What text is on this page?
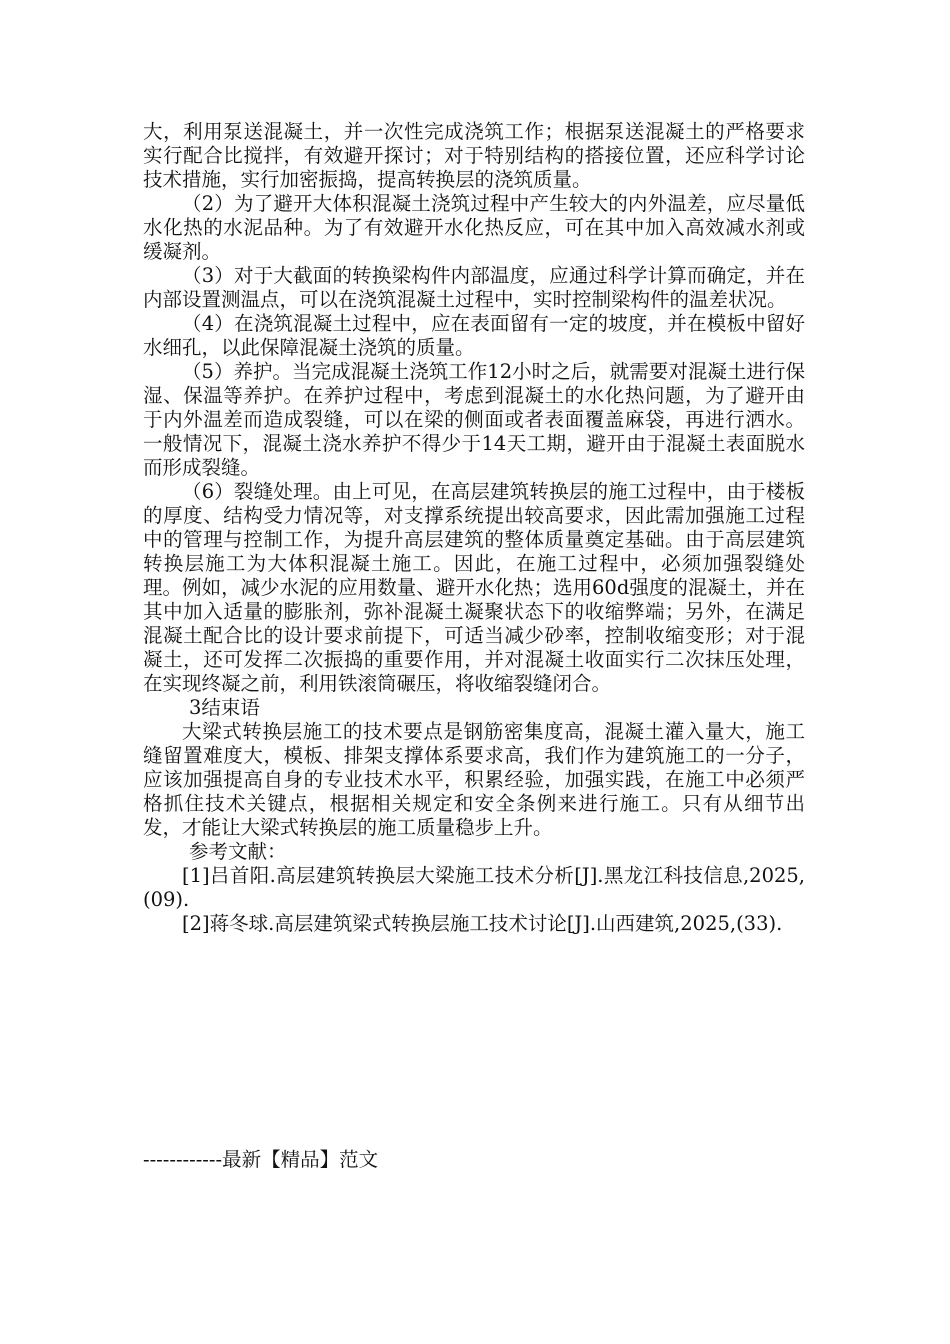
大，利用泵送混凝土，并一次性完成浇筑工作；根据泵送混凝土的严格要求实行配合比搅拌，有效避开探讨；对于特别结构的搭接位置，还应科学讨论技术措施，实行加密振捣，提高转换层的浇筑质量。

（2）为了避开大体积混凝土浇筑过程中产生较大的内外温差，应尽量低水化热的水泥品种。为了有效避开水化热反应，可在其中加入高效减水剂或缓凝剂。

（3）对于大截面的转换梁构件内部温度，应通过科学计算而确定，并在内部设置测温点，可以在浇筑混凝土过程中，实时控制梁构件的温差状况。

（4）在浇筑混凝土过程中，应在表面留有一定的坡度，并在模板中留好水细孔，以此保障混凝土浇筑的质量。

（5）养护。当完成混凝土浇筑工作12小时之后，就需要对混凝土进行保湿、保温等养护。在养护过程中，考虑到混凝土的水化热问题，为了避开由于内外温差而造成裂缝，可以在梁的侧面或者表面覆盖麻袋，再进行洒水。一般情况下，混凝土浇水养护不得少于14天工期，避开由于混凝土表面脱水而形成裂缝。

（6）裂缝处理。由上可见，在高层建筑转换层的施工过程中，由于楼板的厚度、结构受力情况等，对支撑系统提出较高要求，因此需加强施工过程中的管理与控制工作，为提升高层建筑的整体质量奠定基础。由于高层建筑转换层施工为大体积混凝土施工。因此，在施工过程中，必须加强裂缝处理。例如，减少水泥的应用数量、避开水化热；选用60d强度的混凝土，并在其中加入适量的膨胀剂，弥补混凝土凝聚状态下的收缩弊端；另外，在满足混凝土配合比的设计要求前提下，可适当减少砂率，控制收缩变形；对于混凝土，还可发挥二次振捣的重要作用，并对混凝土收面实行二次抹压处理，在实现终凝之前，利用铁滚筒碾压，将收缩裂缝闭合。

3结束语

大梁式转换层施工的技术要点是钢筋密集度高，混凝土灌入量大，施工缝留置难度大，模板、排架支撑体系要求高，我们作为建筑施工的一分子，应该加强提高自身的专业技术水平，积累经验，加强实践，在施工中必须严格抓住技术关键点，根据相关规定和安全条例来进行施工。只有从细节出发，才能让大梁式转换层的施工质量稳步上升。

参考文献：

[1]吕首阳.高层建筑转换层大梁施工技术分析[J].黑龙江科技信息,2025,(09).

[2]蒋冬球.高层建筑梁式转换层施工技术讨论[J].山西建筑,2025,(33).

------------最新【精品】范文
